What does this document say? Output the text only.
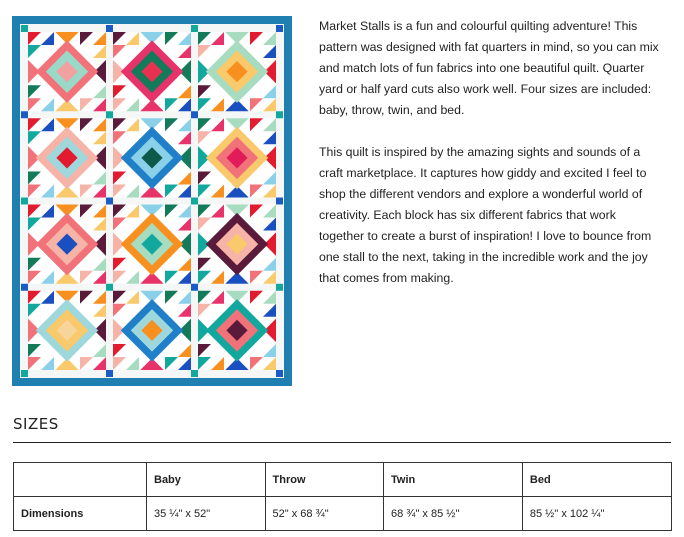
Market Stalls is a fun and colourful quilting adventure! This pattern was designed with fat quarters in mind, so you can mix and match lots of fun fabrics into one beautiful quilt. Quarter yard or half yard cuts also work well. Four sizes are included: baby, throw, twin, and bed.

This quilt is inspired by the amazing sights and sounds of a craft marketplace. It captures how giddy and excited I feel to shop the different vendors and explore a wonderful world of creativity. Each block has six different fabrics that work together to create a burst of inspiration! I love to bounce from one stall to the next, taking in the incredible work and the joy that comes from making.

SIZES
	Baby	Throw	Twin	Bed
Dimensions	35 ¼" x 52"	52" x 68 ¾"	68 ¾" x 85 ½"	85 ½" x 102 ¼"
